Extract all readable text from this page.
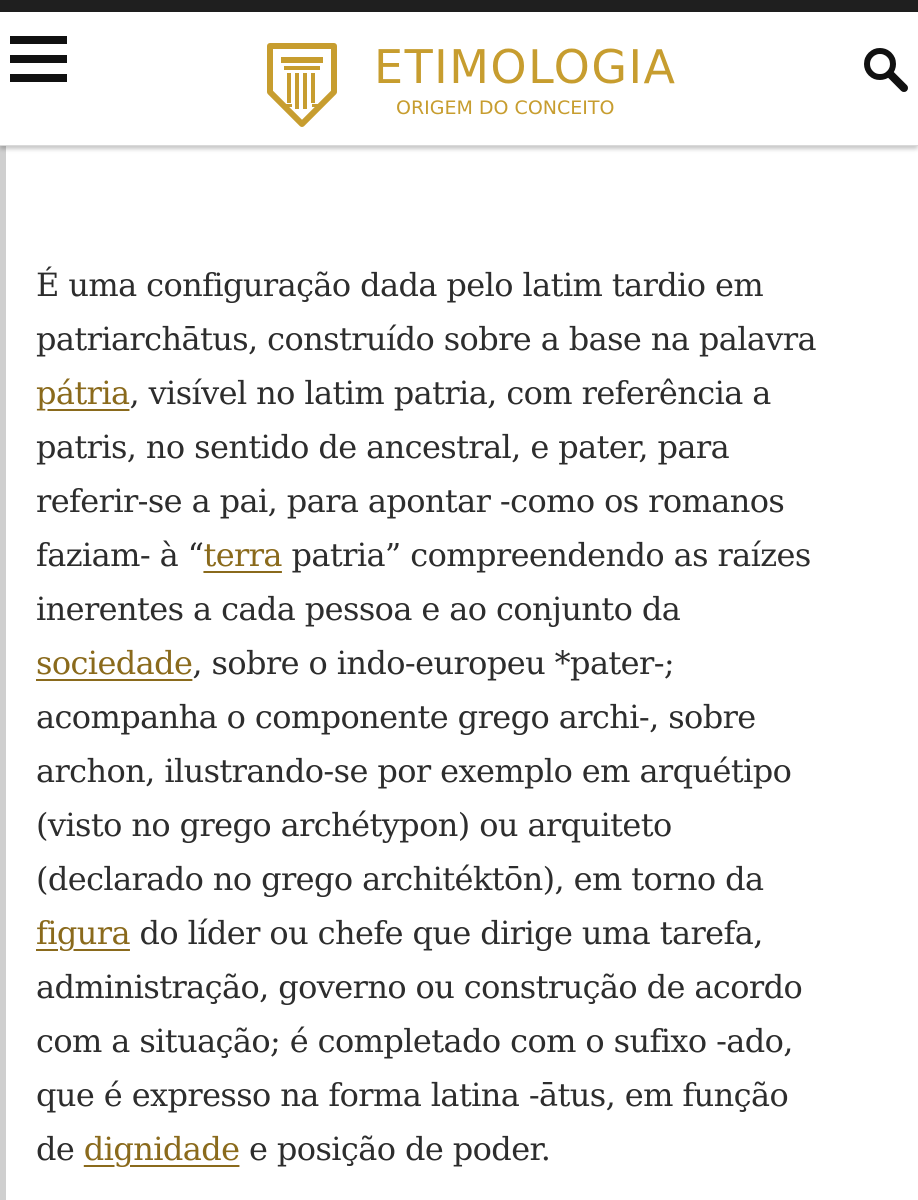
ETIMOLOGIA
ORIGEM DO CONCEITO
É uma configuração dada pelo latim tardio em
patriarchātus, construído sobre a base na palavra
pátria, visível no latim patria, com referência a
patris, no sentido de ancestral, e pater, para
referir-se a pai, para apontar -como os romanos
faziam- à “terra patria” compreendendo as raízes
inerentes a cada pessoa e ao conjunto da
sociedade, sobre o indo-europeu *pater-;
acompanha o componente grego archi-, sobre
archon, ilustrando-se por exemplo em arquétipo
(visto no grego archétypon) ou arquiteto
(declarado no grego architéktōn), em torno da
figura do líder ou chefe que dirige uma tarefa,
administração, governo ou construção de acordo
com a situação; é completado com o sufixo -ado,
que é expresso na forma latina -ātus, em função
de dignidade e posição de poder.
